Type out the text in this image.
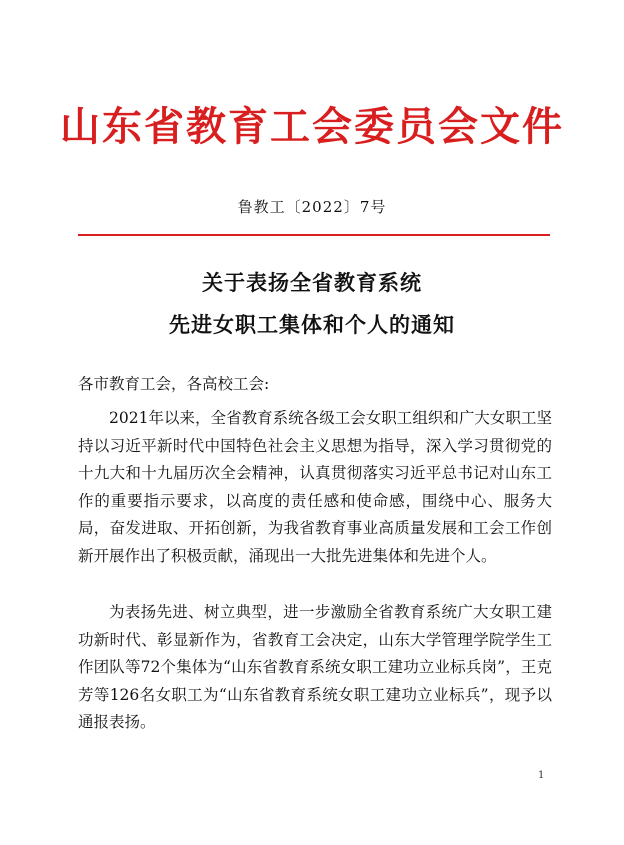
山东省教育工会委员会文件
鲁教工〔2022〕7号
关于表扬全省教育系统
先进女职工集体和个人的通知
各市教育工会，各高校工会:
2021年以来，全省教育系统各级工会女职工组织和广大女职工坚持以习近平新时代中国特色社会主义思想为指导，深入学习贯彻党的十九大和十九届历次全会精神，认真贯彻落实习近平总书记对山东工作的重要指示要求，以高度的责任感和使命感，围绕中心、服务大局，奋发进取、开拓创新，为我省教育事业高质量发展和工会工作创新开展作出了积极贡献，涌现出一大批先进集体和先进个人。
为表扬先进、树立典型，进一步激励全省教育系统广大女职工建功新时代、彰显新作为，省教育工会决定，山东大学管理学院学生工作团队等72个集体为“山东省教育系统女职工建功立业标兵岗”，王克芳等126名女职工为“山东省教育系统女职工建功立业标兵”，现予以通报表扬。
1
